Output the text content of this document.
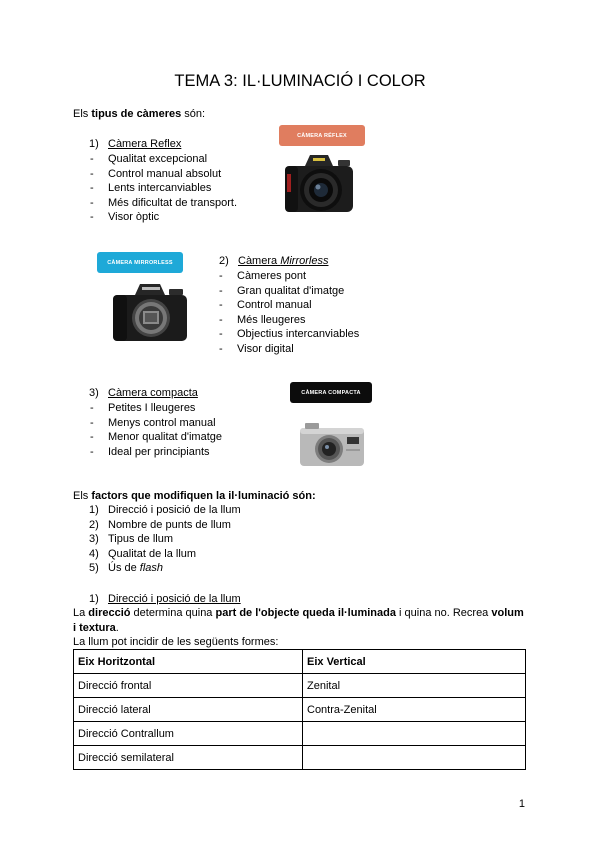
TEMA 3: IL·LUMINACIÓ I COLOR
Els tipus de càmeres són:
1) Càmera Reflex
- Qualitat excepcional
- Control manual absolut
- Lents intercanviables
- Més dificultat de transport.
- Visor òptic
CÀMERA RÉFLEX
CÀMERA MIRRORLESS	2) Càmera Mirrorless
- Càmeres pont
- Gran qualitat d'imatge
- Control manual
- Més lleugeres
- Objectius intercanviables
- Visor digital
3) Càmera compacta
- Petites I lleugeres
- Menys control manual
- Menor qualitat d'imatge
- Ideal per principiants
CÀMERA COMPACTA
Els factors que modifiquen la il·luminació són:
1) Direcció i posició de la llum
2) Nombre de punts de llum
3) Tipus de llum
4) Qualitat de la llum
5) Ús de flash
1) Direcció i posició de la llum
La direcció determina quina part de l'objecte queda il·luminada i quina no. Recrea volum
i textura.
La llum pot incidir de les següents formes:
Eix Horitzontal	Eix Vertical
Direcció frontal	Zenital
Direcció lateral	Contra-Zenital
Direcció Contrallum	
Direcció semilateral	
1
